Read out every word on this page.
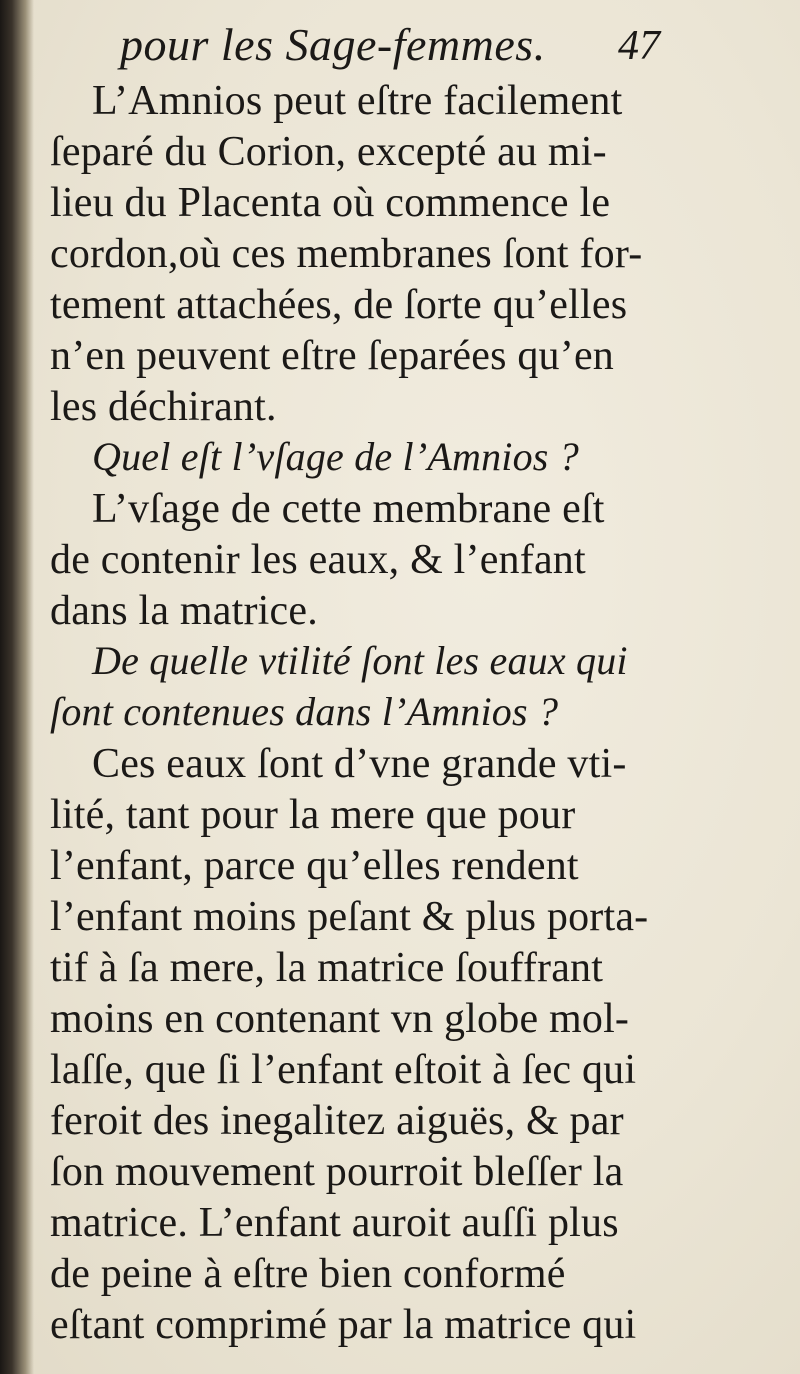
pour les Sage-femmes. 47
L’Amnios peut eſtre facilement
ſeparé du Corion, excepté au mi-
lieu du Placenta où commence le
cordon,où ces membranes ſont for-
tement attachées, de ſorte qu’elles
n’en peuvent eſtre ſeparées qu’en
les déchirant.
Quel eſt l’vſage de l’Amnios ?
L’vſage de cette membrane eſt
de contenir les eaux, & l’enfant
dans la matrice.
De quelle vtilité ſont les eaux qui
ſont contenues dans l’Amnios ?
Ces eaux ſont d’vne grande vti-
lité, tant pour la mere que pour
l’enfant, parce qu’elles rendent
l’enfant moins peſant & plus porta-
tif à ſa mere, la matrice ſouffrant
moins en contenant vn globe mol-
laſſe, que ſi l’enfant eſtoit à ſec qui
feroit des inegalitez aiguës, & par
ſon mouvement pourroit bleſſer la
matrice. L’enfant auroit auſſi plus
de peine à eſtre bien conformé
eſtant comprimé par la matrice qui
